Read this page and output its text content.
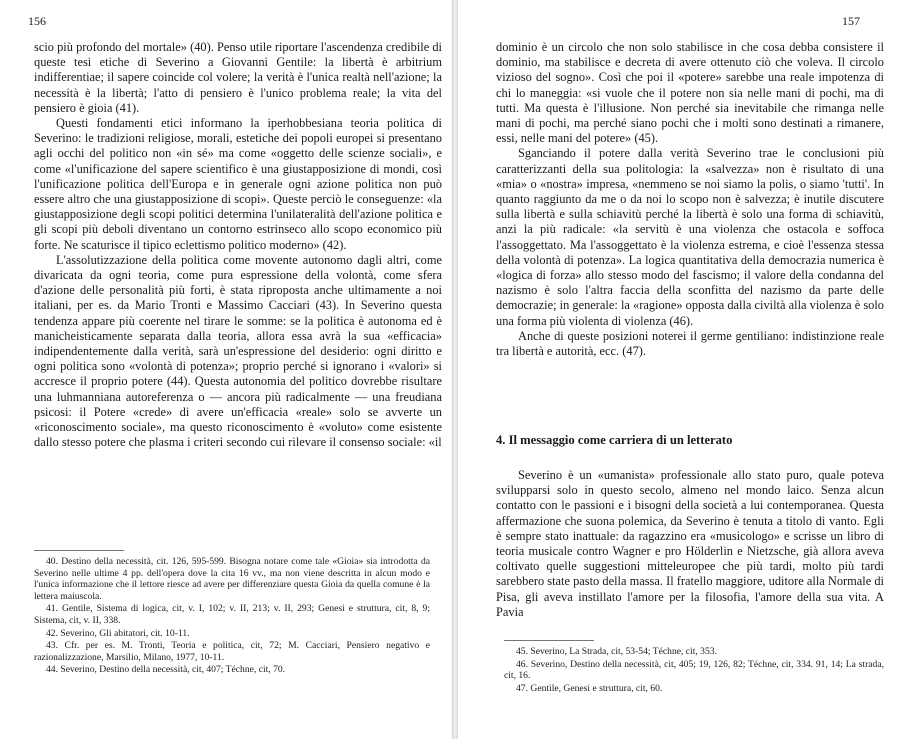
156

scio più profondo del mortale» (40). Penso utile riportare l'ascendenza credibile di queste tesi etiche di Severino a Giovanni Gentile: la libertà è arbitrium indifferentiae; il sapere coincide col volere; la verità è l'unica realtà nell'azione; la necessità è la libertà; l'atto di pensiero è l'unico problema reale; la vita del pensiero è gioia (41).

Questi fondamenti etici informano la iperhobbesiana teoria politica di Severino: le tradizioni religiose, morali, estetiche dei popoli europei si presentano agli occhi del politico non «in sé» ma come «oggetto delle scienze sociali», e come «l'unificazione del sapere scientifico è una giustapposizione di mondi, così l'unificazione politica dell'Europa e in generale ogni azione politica non può essere altro che una giustapposizione di scopi». Queste perciò le conseguenze: «la giustapposizione degli scopi politici determina l'unilateralità dell'azione politica e gli scopi più deboli diventano un contorno estrinseco allo scopo economico più forte. Ne scaturisce il tipico eclettismo politico moderno» (42).

L'assolutizzazione della politica come movente autonomo dagli altri, come divaricata da ogni teoria, come pura espressione della volontà, come sfera d'azione delle personalità più forti, è stata riproposta anche ultimamente a noi italiani, per es. da Mario Tronti e Massimo Cacciari (43). In Severino questa tendenza appare più coerente nel tirare le somme: se la politica è autonoma ed è manicheisticamente separata dalla teoria, allora essa avrà la sua «efficacia» indipendentemente dalla verità, sarà un'espressione del desiderio: ogni diritto e ogni politica sono «volontà di potenza»; proprio perché si ignorano i «valori» si accresce il proprio potere (44). Questa autonomia del politico dovrebbe risultare una luhmanniana autoreferenza o — ancora più radicalmente — una freudiana psicosi: il Potere «crede» di avere un'efficacia «reale» solo se avverte un «riconoscimento sociale», ma questo riconoscimento è «voluto» come esistente dallo stesso potere che plasma i criteri secondo cui rilevare il consenso sociale: «il

40. Destino della necessità, cit. 126, 595-599. Bisogna notare come tale «Gioia» sia introdotta da Severino nelle ultime 4 pp. dell'opera dove la cita 16 vv., ma non viene descritta in alcun modo e l'unica informazione che il lettore riesce ad avere per differenziare questa Gioia da quella comune è la lettera maiuscola.

41. Gentile, Sistema di logica, cit, v. I, 102; v. II, 213; v. II, 293; Genesi e struttura, cit, 8, 9; Sistema, cit, v. II, 338.

42. Severino, Gli abitatori, cit. 10-11.

43. Cfr. per es. M. Tronti, Teoria e politica, cit, 72; M. Cacciari, Pensiero negativo e razionalizzazione, Marsilio, Milano, 1977, 10-11.

44. Severino, Destino della necessità, cit, 407; Téchne, cit, 70.

157

dominio è un circolo che non solo stabilisce in che cosa debba consistere il dominio, ma stabilisce e decreta di avere ottenuto ciò che voleva. Il circolo vizioso del sogno». Così che poi il «potere» sarebbe una reale impotenza di chi lo maneggia: «si vuole che il potere non sia nelle mani di pochi, ma di tutti. Ma questa è l'illusione. Non perché sia inevitabile che rimanga nelle mani di pochi, ma perché siano pochi che i molti sono destinati a rimanere, essi, nelle mani del potere» (45).

Sganciando il potere dalla verità Severino trae le conclusioni più caratterizzanti della sua politologia: la «salvezza» non è risultato di una «mia» o «nostra» impresa, «nemmeno se noi siamo la polis, o siamo 'tutti'. In quanto raggiunto da me o da noi lo scopo non è salvezza; è inutile discutere sulla libertà e sulla schiavitù perché la libertà è solo una forma di schiavitù, anzi la più radicale: «la servitù è una violenza che ostacola e soffoca l'assoggettato. Ma l'assoggettato è la violenza estrema, e cioè l'essenza stessa della volontà di potenza». La logica quantitativa della democrazia numerica è «logica di forza» allo stesso modo del fascismo; il valore della condanna del nazismo è solo l'altra faccia della sconfitta del nazismo da parte delle democrazie; in generale: la «ragione» opposta dalla civiltà alla violenza è solo una forma più violenta di violenza (46).

Anche di queste posizioni noterei il germe gentiliano: indistinzione reale tra libertà e autorità, ecc. (47).

4. Il messaggio come carriera di un letterato

Severino è un «umanista» professionale allo stato puro, quale poteva svilupparsi solo in questo secolo, almeno nel mondo laico. Senza alcun contatto con le passioni e i bisogni della società a lui contemporanea. Questa affermazione che suona polemica, da Severino è tenuta a titolo di vanto. Egli è sempre stato inattuale: da ragazzino era «musicologo» e scrisse un libro di teoria musicale contro Wagner e pro Hölderlin e Nietzsche, già allora aveva coltivato quelle suggestioni mitteleuropee che più tardi, molto più tardi sarebbero state pasto della massa. Il fratello maggiore, uditore alla Normale di Pisa, gli aveva instillato l'amore per la filosofia, l'amore della sua vita. A Pavia

45. Severino, La Strada, cit, 53-54; Téchne, cit, 353.

46. Severino, Destino della necessità, cit, 405; 19, 126, 82; Téchne, cit, 334. 91, 14; La strada, cit, 16.

47. Gentile, Genesi e struttura, cit, 60.
